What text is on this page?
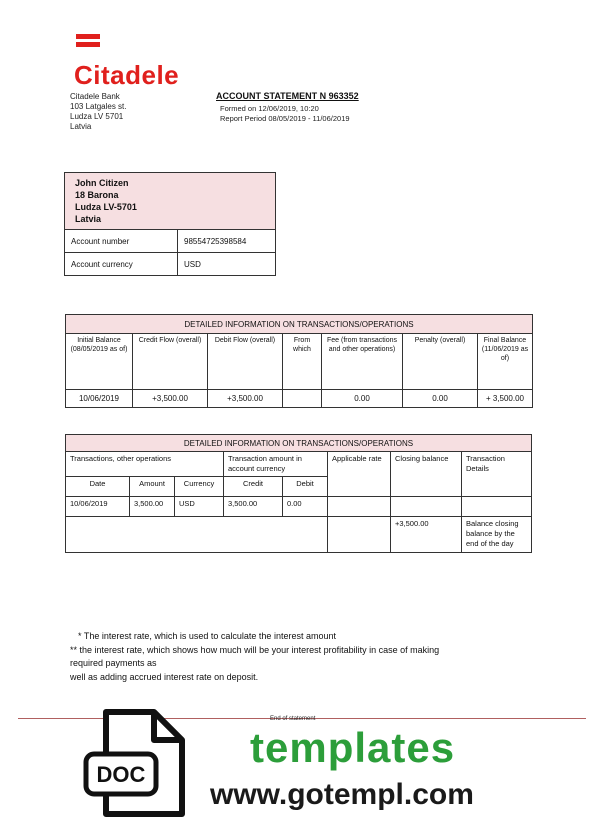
Citadele
Citadele Bank
103 Latgales st.
Ludza LV 5701
Latvia
ACCOUNT STATEMENT N 963352
Formed on 12/06/2019, 10:20
Report Period 08/05/2019 - 11/06/2019
John Citizen
18 Barona
Ludza LV-5701
Latvia	

Account number	98554725398584
Account currency	USD
DETAILED INFORMATION ON TRANSACTIONS/OPERATIONS						
Initial Balance (08/05/2019 as of)	Credit Flow (overall)	Debit Flow (overall)	From which	Fee (from transactions and other operations)	Penalty (overall)	Final Balance (11/06/2019 as of)
10/06/2019	+3,500.00	+3,500.00		0.00	0.00	+ 3,500.00
DETAILED INFORMATION ON TRANSACTIONS/OPERATIONS							
Transactions, other operations			Transaction amount in account currency		Applicable rate	Closing balance	Transaction Details
Date	Amount	Currency	Credit	Debit			
10/06/2019	3,500.00	USD	3,500.00	0.00			
						+3,500.00	Balance closing balance by the end of the day
* The interest rate, which is used to calculate the interest amount
** the interest rate, which shows how much will be your interest profitability in case of making
required payments as
well as adding accrued interest rate on deposit.
End of statement
DOC
templates
www.gotempl.com
